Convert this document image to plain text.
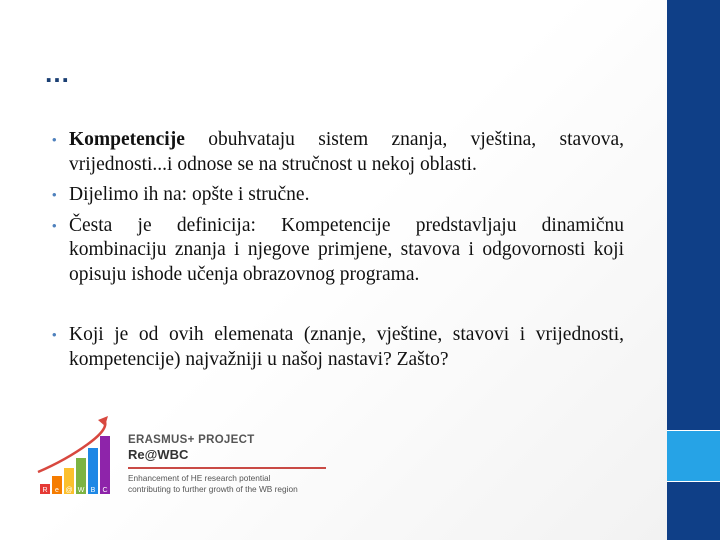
…

• Kompetencije obuhvataju sistem znanja, vještina, stavova, vrijednosti...i odnose se na stručnost u nekoj oblasti.

• Dijelimo ih na: opšte i stručne.

• Česta je definicija: Kompetencije predstavljaju dinamičnu kombinaciju znanja i njegove primjene, stavova i odgovornosti koji opisuju ishode učenja obrazovnog programa.

• Koji je od ovih elemenata (znanje, vještine, stavovi i vrijednosti, kompetencije) najvažniji u našoj nastavi? Zašto?

R e @ W B C
ERASMUS+ PROJECT
Re@WBC
Enhancement of HE research potential
contributing to further growth of the WB region
